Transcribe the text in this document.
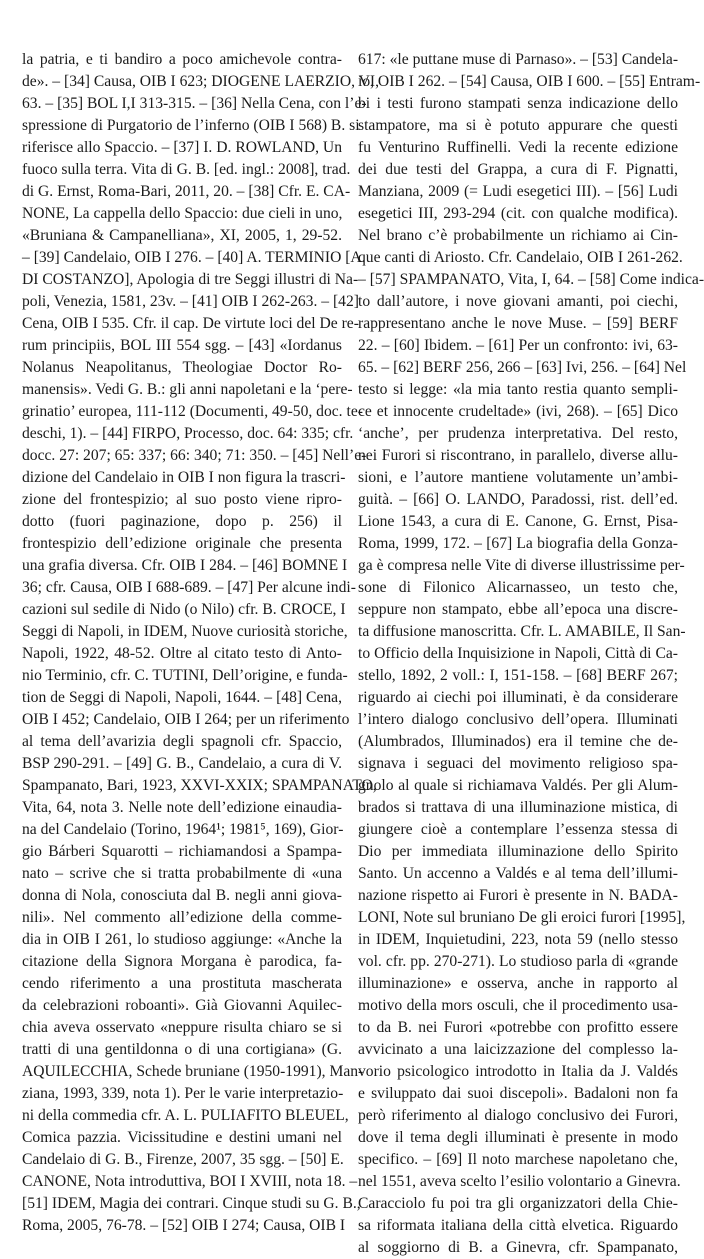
la patria, e ti bandiro a poco amichevole contra-
de». – [34] Causa, OIB I 623; DIOGENE LAERZIO, VI,
63. – [35] BOL I,I 313-315. – [36] Nella Cena, con l’e-
spressione di Purgatorio de l’inferno (OIB I 568) B. si
riferisce allo Spaccio. – [37] I. D. ROWLAND, Un
fuoco sulla terra. Vita di G. B. [ed. ingl.: 2008], trad.
di G. Ernst, Roma-Bari, 2011, 20. – [38] Cfr. E. CA-
NONE, La cappella dello Spaccio: due cieli in uno,
«Bruniana & Campanelliana», XI, 2005, 1, 29-52.
– [39] Candelaio, OIB I 276. – [40] A. TERMINIO [A.
DI COSTANZO], Apologia di tre Seggi illustri di Na-
poli, Venezia, 1581, 23v. – [41] OIB I 262-263. – [42]
Cena, OIB I 535. Cfr. il cap. De virtute loci del De re-
rum principiis, BOL III 554 sgg. – [43] «Iordanus
Nolanus Neapolitanus, Theologiae Doctor Ro-
manensis». Vedi G. B.: gli anni napoletani e la ‘pere-
grinatio’ europea, 111-112 (Documenti, 49-50, doc. te-
deschi, 1). – [44] FIRPO, Processo, doc. 64: 335; cfr.
docc. 27: 207; 65: 337; 66: 340; 71: 350. – [45] Nell’e-
dizione del Candelaio in OIB I non figura la trascri-
zione del frontespizio; al suo posto viene ripro-
dotto (fuori paginazione, dopo p. 256) il
frontespizio dell’edizione originale che presenta
una grafia diversa. Cfr. OIB I 284. – [46] BOMNE I
36; cfr. Causa, OIB I 688-689. – [47] Per alcune indi-
cazioni sul sedile di Nido (o Nilo) cfr. B. CROCE, I
Seggi di Napoli, in IDEM, Nuove curiosità storiche,
Napoli, 1922, 48-52. Oltre al citato testo di Anto-
nio Terminio, cfr. C. TUTINI, Dell’origine, e funda-
tion de Seggi di Napoli, Napoli, 1644. – [48] Cena,
OIB I 452; Candelaio, OIB I 264; per un riferimento
al tema dell’avarizia degli spagnoli cfr. Spaccio,
BSP 290-291. – [49] G. B., Candelaio, a cura di V.
Spampanato, Bari, 1923, XXVI-XXIX; SPAMPANATO,
Vita, 64, nota 3. Nelle note dell’edizione einaudia-
na del Candelaio (Torino, 1964¹; 1981⁵, 169), Gior-
gio Bárberi Squarotti – richiamandosi a Spampa-
nato – scrive che si tratta probabilmente di «una
donna di Nola, conosciuta dal B. negli anni giova-
nili». Nel commento all’edizione della comme-
dia in OIB I 261, lo studioso aggiunge: «Anche la
citazione della Signora Morgana è parodica, fa-
cendo riferimento a una prostituta mascherata
da celebrazioni roboanti». Già Giovanni Aquilec-
chia aveva osservato «neppure risulta chiaro se si
tratti di una gentildonna o di una cortigiana» (G.
AQUILECCHIA, Schede bruniane (1950-1991), Man-
ziana, 1993, 339, nota 1). Per le varie interpretazio-
ni della commedia cfr. A. L. PULIAFITO BLEUEL,
Comica pazzia. Vicissitudine e destini umani nel
Candelaio di G. B., Firenze, 2007, 35 sgg. – [50] E.
CANONE, Nota introduttiva, BOI I XVIII, nota 18. –
[51] IDEM, Magia dei contrari. Cinque studi su G. B.,
Roma, 2005, 76-78. – [52] OIB I 274; Causa, OIB I
617: «le puttane muse di Parnaso». – [53] Candela-
io, OIB I 262. – [54] Causa, OIB I 600. – [55] Entram-
bi i testi furono stampati senza indicazione dello
stampatore, ma si è potuto appurare che questi
fu Venturino Ruffinelli. Vedi la recente edizione
dei due testi del Grappa, a cura di F. Pignatti,
Manziana, 2009 (= Ludi esegetici III). – [56] Ludi
esegetici III, 293-294 (cit. con qualche modifica).
Nel brano c’è probabilmente un richiamo ai Cin-
que canti di Ariosto. Cfr. Candelaio, OIB I 261-262.
– [57] SPAMPANATO, Vita, I, 64. – [58] Come indica-
to dall’autore, i nove giovani amanti, poi ciechi,
rappresentano anche le nove Muse. – [59] BERF
22. – [60] Ibidem. – [61] Per un confronto: ivi, 63-
65. – [62] BERF 256, 266 – [63] Ivi, 256. – [64] Nel
testo si legge: «la mia tanto restia quanto sempli-
ce et innocente crudeltade» (ivi, 268). – [65] Dico
‘anche’, per prudenza interpretativa. Del resto,
nei Furori si riscontrano, in parallelo, diverse allu-
sioni, e l’autore mantiene volutamente un’ambi-
guità. – [66] O. LANDO, Paradossi, rist. dell’ed.
Lione 1543, a cura di E. Canone, G. Ernst, Pisa-
Roma, 1999, 172. – [67] La biografia della Gonza-
ga è compresa nelle Vite di diverse illustrissime per-
sone di Filonico Alicarnasseo, un testo che,
seppure non stampato, ebbe all’epoca una discre-
ta diffusione manoscritta. Cfr. L. AMABILE, Il San-
to Officio della Inquisizione in Napoli, Città di Ca-
stello, 1892, 2 voll.: I, 151-158. – [68] BERF 267;
riguardo ai ciechi poi illuminati, è da considerare
l’intero dialogo conclusivo dell’opera. Illuminati
(Alumbrados, Illuminados) era il temine che de-
signava i seguaci del movimento religioso spa-
gnolo al quale si richiamava Valdés. Per gli Alum-
brados si trattava di una illuminazione mistica, di
giungere cioè a contemplare l’essenza stessa di
Dio per immediata illuminazione dello Spirito
Santo. Un accenno a Valdés e al tema dell’illumi-
nazione rispetto ai Furori è presente in N. BADA-
LONI, Note sul bruniano De gli eroici furori [1995],
in IDEM, Inquietudini, 223, nota 59 (nello stesso
vol. cfr. pp. 270-271). Lo studioso parla di «grande
illuminazione» e osserva, anche in rapporto al
motivo della mors osculi, che il procedimento usa-
to da B. nei Furori «potrebbe con profitto essere
avvicinato a una laicizzazione del complesso la-
vorio psicologico introdotto in Italia da J. Valdés
e sviluppato dai suoi discepoli». Badaloni non fa
però riferimento al dialogo conclusivo dei Furori,
dove il tema degli illuminati è presente in modo
specifico. – [69] Il noto marchese napoletano che,
nel 1551, aveva scelto l’esilio volontario a Ginevra.
Caracciolo fu poi tra gli organizzatori della Chie-
sa riformata italiana della città elvetica. Riguardo
al soggiorno di B. a Ginevra, cfr. Spampanato,
